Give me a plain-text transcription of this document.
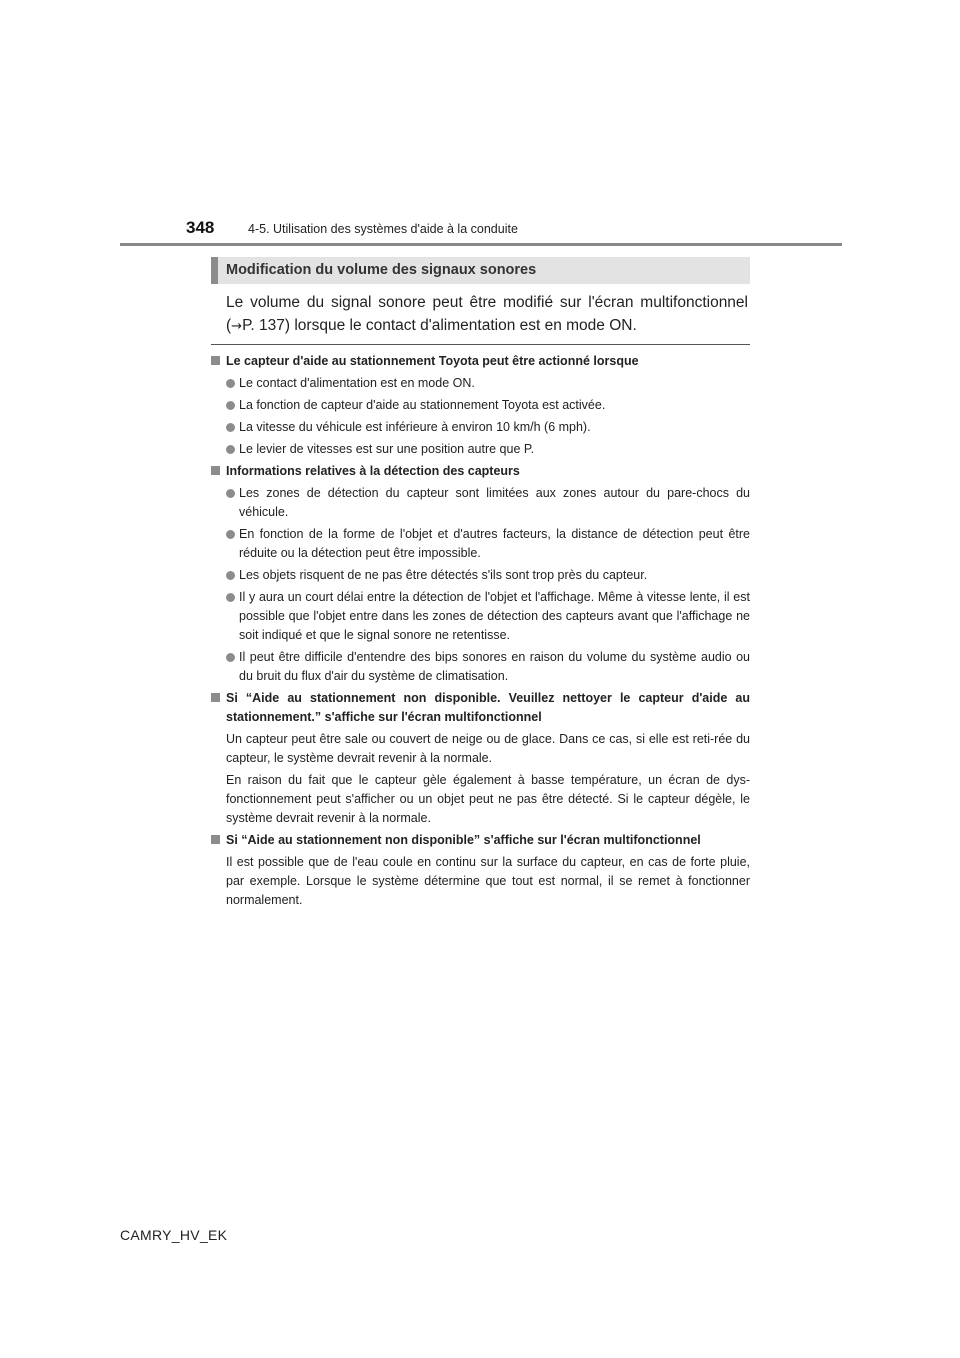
348	4-5. Utilisation des systèmes d'aide à la conduite
Modification du volume des signaux sonores
Le volume du signal sonore peut être modifié sur l'écran multifonctionnel (→P. 137) lorsque le contact d'alimentation est en mode ON.
Le capteur d'aide au stationnement Toyota peut être actionné lorsque
Le contact d'alimentation est en mode ON.
La fonction de capteur d'aide au stationnement Toyota est activée.
La vitesse du véhicule est inférieure à environ 10 km/h (6 mph).
Le levier de vitesses est sur une position autre que P.
Informations relatives à la détection des capteurs
Les zones de détection du capteur sont limitées aux zones autour du pare-chocs du véhicule.
En fonction de la forme de l'objet et d'autres facteurs, la distance de détection peut être réduite ou la détection peut être impossible.
Les objets risquent de ne pas être détectés s'ils sont trop près du capteur.
Il y aura un court délai entre la détection de l'objet et l'affichage. Même à vitesse lente, il est possible que l'objet entre dans les zones de détection des capteurs avant que l'affichage ne soit indiqué et que le signal sonore ne retentisse.
Il peut être difficile d'entendre des bips sonores en raison du volume du système audio ou du bruit du flux d'air du système de climatisation.
Si “Aide au stationnement non disponible. Veuillez nettoyer le capteur d'aide au stationnement.” s'affiche sur l'écran multifonctionnel
Un capteur peut être sale ou couvert de neige ou de glace. Dans ce cas, si elle est reti-rée du capteur, le système devrait revenir à la normale.
En raison du fait que le capteur gèle également à basse température, un écran de dys-fonctionnement peut s'afficher ou un objet peut ne pas être détecté. Si le capteur dégèle, le système devrait revenir à la normale.
Si “Aide au stationnement non disponible” s'affiche sur l'écran multifonctionnel
Il est possible que de l'eau coule en continu sur la surface du capteur, en cas de forte pluie, par exemple. Lorsque le système détermine que tout est normal, il se remet à fonctionner normalement.
CAMRY_HV_EK
